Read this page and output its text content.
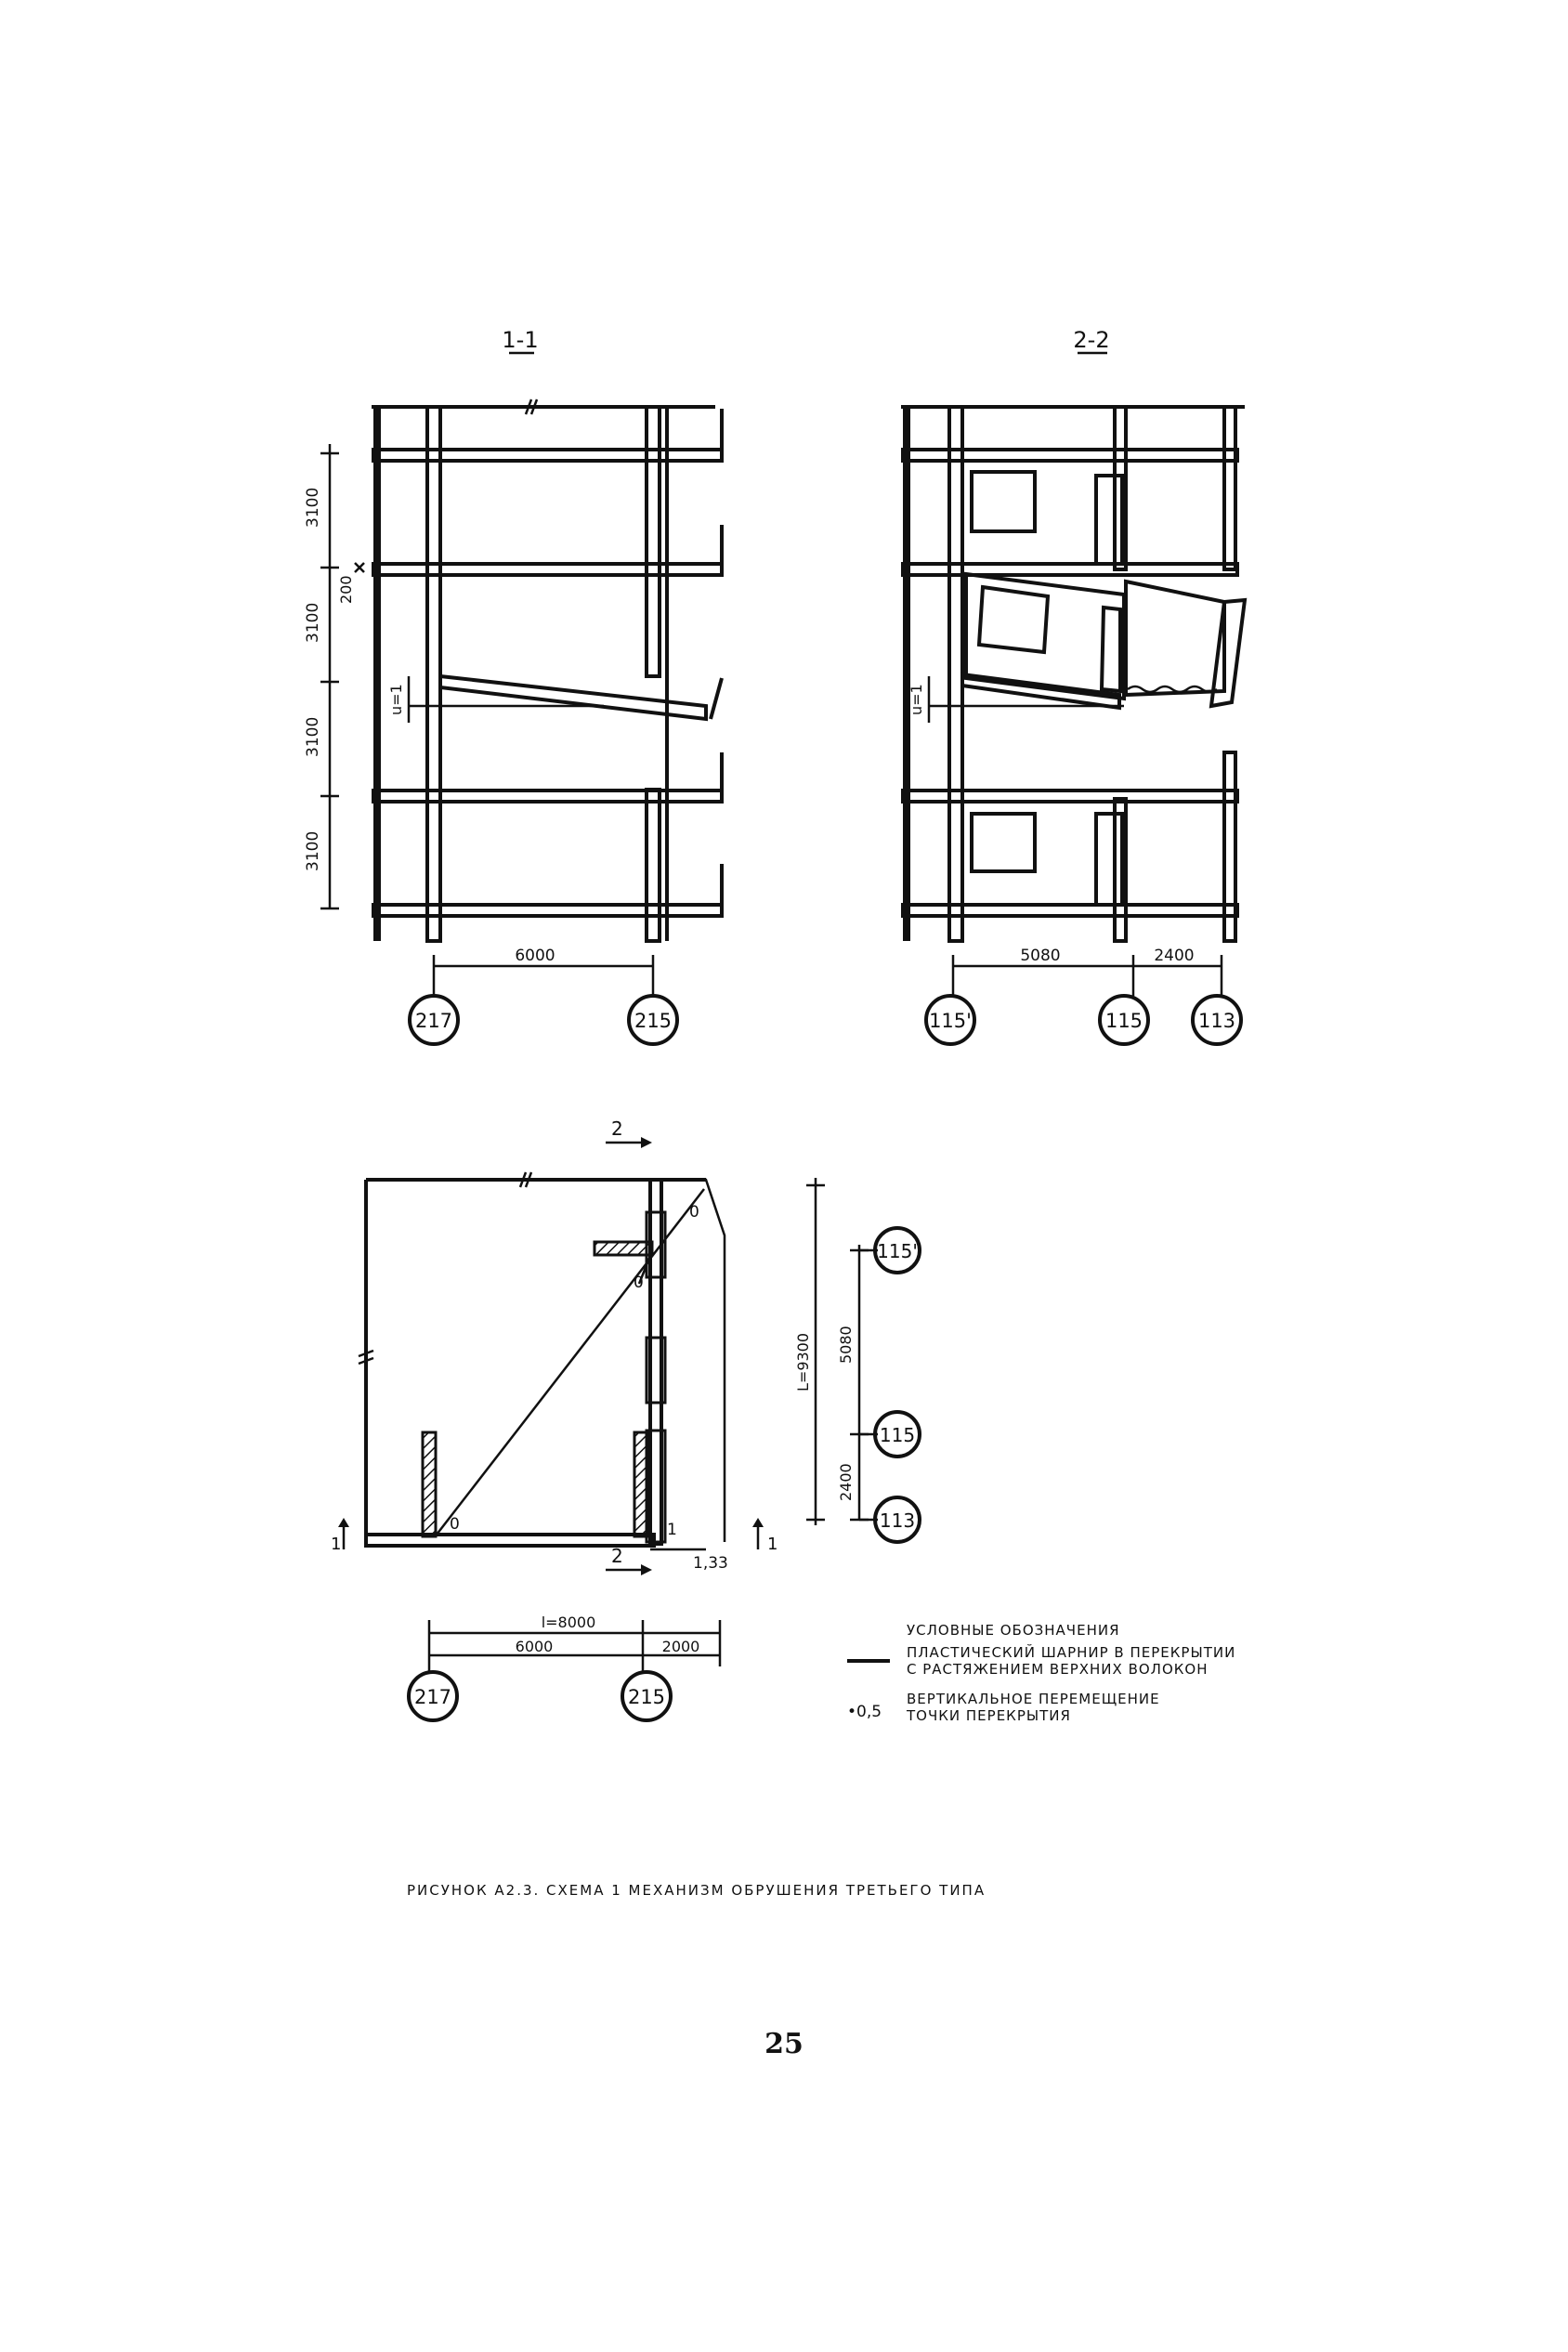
1-1
u=1
3100
3100
3100
3100
200
6000
217	215
2-2
u=1
5080	2400
115'	115	113
2
0
0
0	1
1,33
1	1
2
l=8000
6000	2000
217	215
L=9300 5080
2400
115'
115
113
УСЛОВНЫЕ ОБОЗНАЧЕНИЯ
ПЛАСТИЧЕСКИЙ ШАРНИР В ПЕРЕКРЫТИИ
С РАСТЯЖЕНИЕМ ВЕРХНИХ ВОЛОКОН
•0,5
ВЕРТИКАЛЬНОЕ ПЕРЕМЕЩЕНИЕ
ТОЧКИ ПЕРЕКРЫТИЯ
РИСУНОК А2.3. СХЕМА 1 МЕХАНИЗМ ОБРУШЕНИЯ ТРЕТЬЕГО ТИПА
25
